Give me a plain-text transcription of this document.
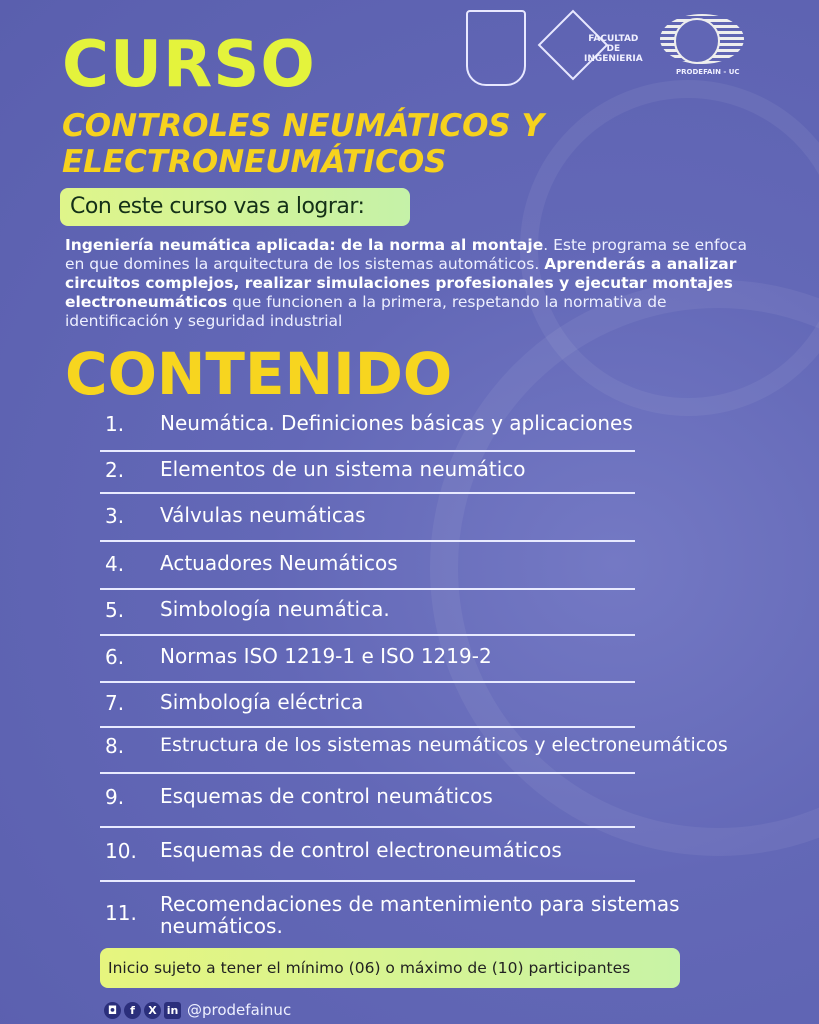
FACULTAD
DE
INGENIERIA
PRODEFAIN - UC
CURSO
CONTROLES NEUMÁTICOS Y
ELECTRONEUMÁTICOS
Con este curso vas a lograr:
Ingeniería neumática aplicada: de la norma al montaje. Este programa se enfoca en que domines la arquitectura de los sistemas automáticos. Aprenderás a analizar circuitos complejos, realizar simulaciones profesionales y ejecutar montajes electroneumáticos que funcionen a la primera, respetando la normativa de identificación y seguridad industrial
CONTENIDO
1. Neumática. Definiciones básicas y aplicaciones
2. Elementos de un sistema neumático
3. Válvulas neumáticas
4. Actuadores Neumáticos
5. Simbología neumática.
6. Normas ISO 1219-1 e ISO 1219-2
7. Simbología eléctrica
8. Estructura de los sistemas neumáticos y electroneumáticos
9. Esquemas de control neumáticos
10. Esquemas de control electroneumáticos
11. Recomendaciones de mantenimiento para sistemas neumáticos.
Inicio sujeto a tener el mínimo (06) o máximo de (10) participantes
◘	f	X in @prodefainuc
